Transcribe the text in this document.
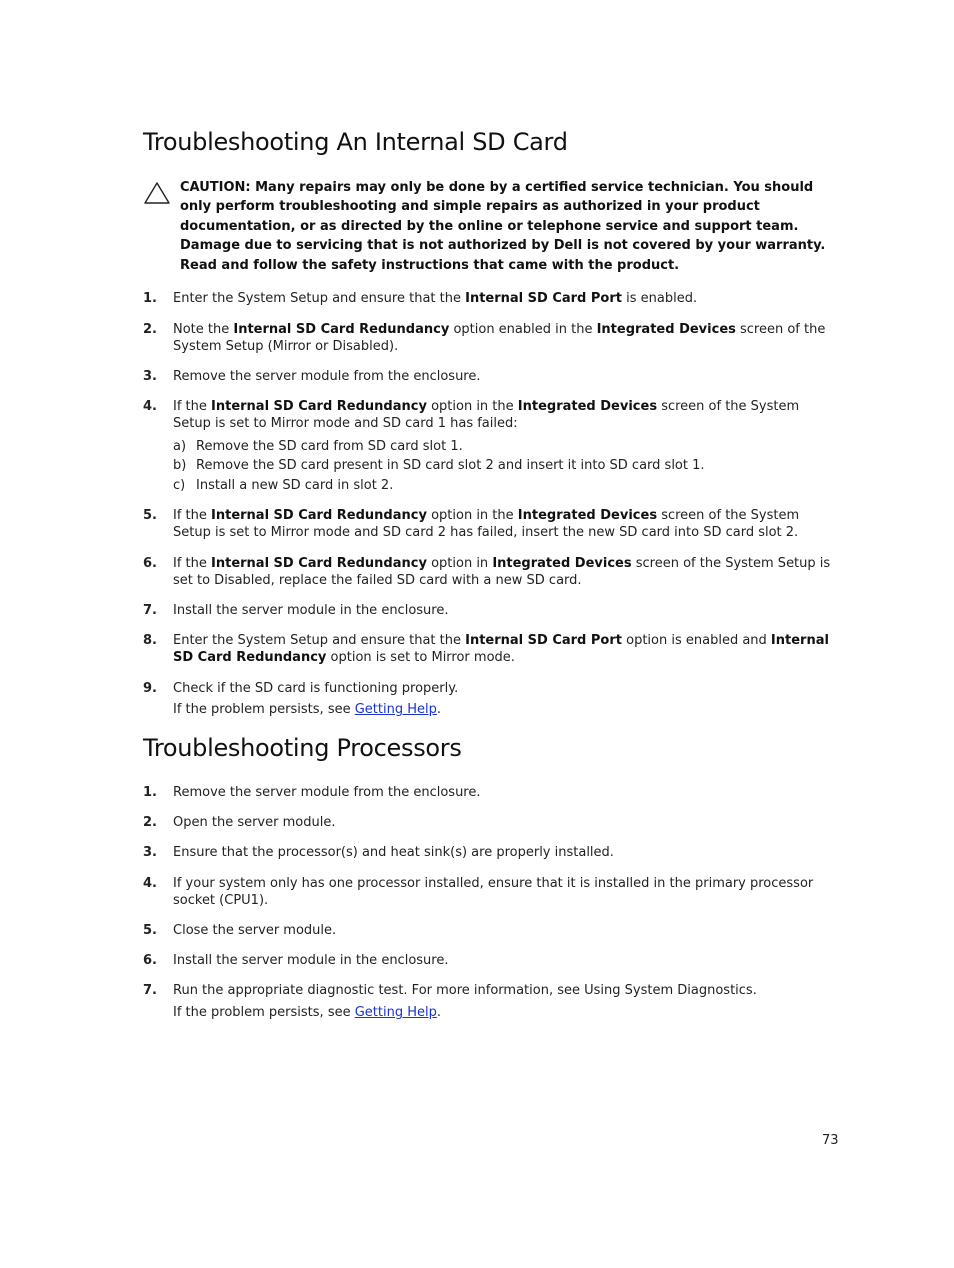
Troubleshooting An Internal SD Card
CAUTION: Many repairs may only be done by a certified service technician. You should only perform troubleshooting and simple repairs as authorized in your product documentation, or as directed by the online or telephone service and support team. Damage due to servicing that is not authorized by Dell is not covered by your warranty. Read and follow the safety instructions that came with the product.
1. Enter the System Setup and ensure that the Internal SD Card Port is enabled.
2. Note the Internal SD Card Redundancy option enabled in the Integrated Devices screen of the System Setup (Mirror or Disabled).
3. Remove the server module from the enclosure.
4. If the Internal SD Card Redundancy option in the Integrated Devices screen of the System Setup is set to Mirror mode and SD card 1 has failed:
5. If the Internal SD Card Redundancy option in the Integrated Devices screen of the System Setup is set to Mirror mode and SD card 2 has failed, insert the new SD card into SD card slot 2.
6. If the Internal SD Card Redundancy option in Integrated Devices screen of the System Setup is set to Disabled, replace the failed SD card with a new SD card.
7. Install the server module in the enclosure.
8. Enter the System Setup and ensure that the Internal SD Card Port option is enabled and Internal SD Card Redundancy option is set to Mirror mode.
9. Check if the SD card is functioning properly.
a) Remove the SD card from SD card slot 1.
b) Remove the SD card present in SD card slot 2 and insert it into SD card slot 1.
c) Install a new SD card in slot 2.
If the problem persists, see Getting Help.
Troubleshooting Processors
1. Remove the server module from the enclosure.
2. Open the server module.
3. Ensure that the processor(s) and heat sink(s) are properly installed.
4. If your system only has one processor installed, ensure that it is installed in the primary processor socket (CPU1).
5. Close the server module.
6. Install the server module in the enclosure.
7. Run the appropriate diagnostic test. For more information, see Using System Diagnostics.
If the problem persists, see Getting Help.
73
